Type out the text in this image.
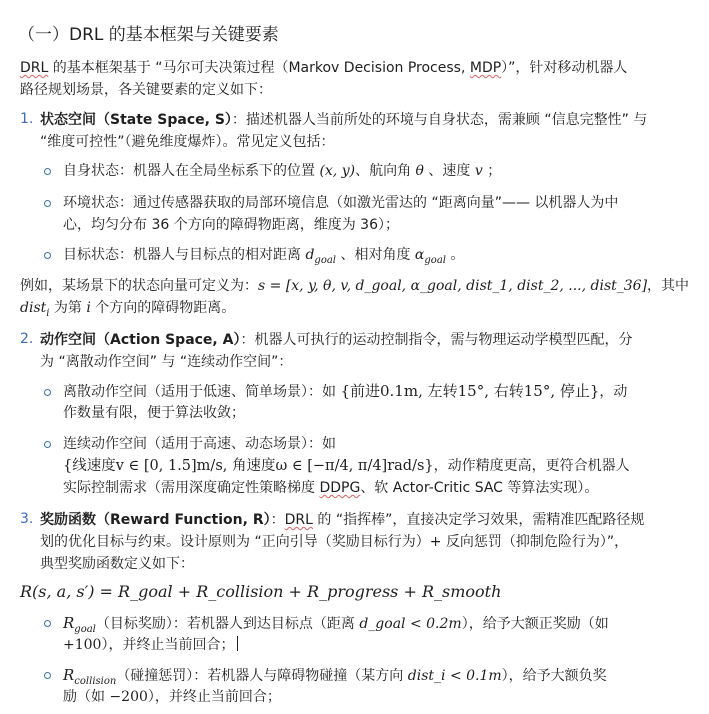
（一）DRL 的基本框架与关键要素
DRL 的基本框架基于 “马尔可夫决策过程（Markov Decision Process, MDP）”，针对移动机器人
路径规划场景，各关键要素的定义如下：
1. 状态空间（State Space, S）：描述机器人当前所处的环境与自身状态，需兼顾 “信息完整性” 与
“维度可控性”（避免维度爆炸）。常见定义包括：
自身状态：机器人在全局坐标系下的位置 (x, y)、航向角 θ 、速度 v ；
环境状态：通过传感器获取的局部环境信息（如激光雷达的 “距离向量”—— 以机器人为中
心，均匀分布 36 个方向的障碍物距离，维度为 36）；
目标状态：机器人与目标点的相对距离 $d_{goal}$ 、相对角度 $\alpha_{goal}$ 。
例如，某场景下的状态向量可定义为：s = [x, y, θ, v, d_goal, α_goal, dist_1, dist_2, ..., dist_36]，其中
dist$_i$ 为第 i 个方向的障碍物距离。
2. 动作空间（Action Space, A）：机器人可执行的运动控制指令，需与物理运动学模型匹配，分
为 “离散动作空间” 与 “连续动作空间”：
离散动作空间（适用于低速、简单场景）：如 {前进0.1m, 左转15°, 右转15°, 停止}，动
作数量有限，便于算法收敛；
连续动作空间（适用于高速、动态场景）：如
{线速度v ∈ [0, 1.5]m/s, 角速度ω ∈ [−π/4, π/4]rad/s}，动作精度更高，更符合机器人
实际控制需求（需用深度确定性策略梯度 DDPG、软 Actor-Critic SAC 等算法实现）。
3. 奖励函数（Reward Function, R）：DRL 的 “指挥棒”，直接决定学习效果，需精准匹配路径规
划的优化目标与约束。设计原则为 “正向引导（奖励目标行为）+ 反向惩罚（抑制危险行为）”，
典型奖励函数定义如下：
R(s, a, s′) = R_goal + R_collision + R_progress + R_smooth
$R_{goal}$（目标奖励）：若机器人到达目标点（距离 d_goal < 0.2m），给予大额正奖励（如
+100），并终止当前回合；
$R_{collision}$（碰撞惩罚）：若机器人与障碍物碰撞（某方向 dist_i < 0.1m），给予大额负奖
励（如 −200），并终止当前回合；
